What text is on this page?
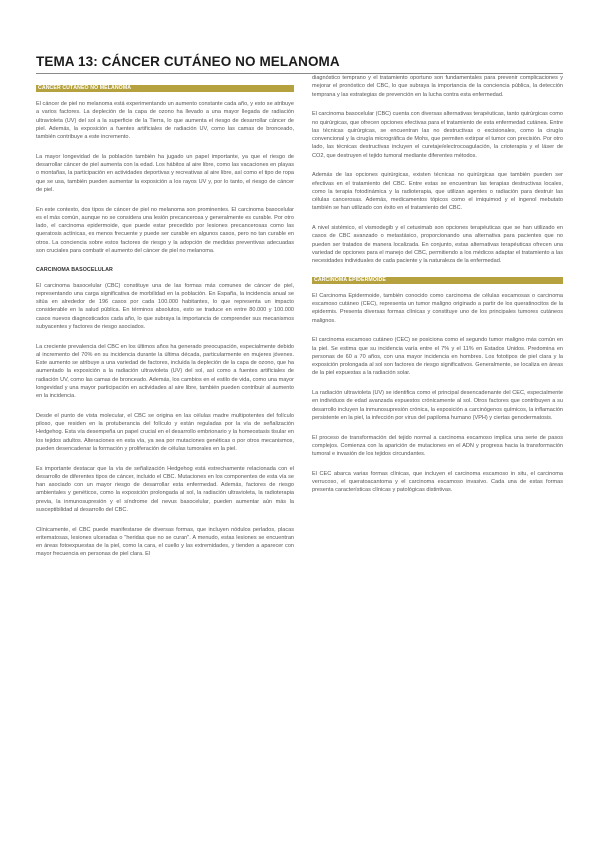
TEMA 13: CÁNCER CUTÁNEO NO MELANOMA
CÁNCER CUTÁNEO NO MELANOMA

El cáncer de piel no melanoma está experimentando un aumento constante cada año, y esto se atribuye a varios factores. La depleción de la capa de ozono ha llevado a una mayor llegada de radiación ultravioleta (UV) del sol a la superficie de la Tierra, lo que aumenta el riesgo de desarrollar cáncer de piel. Además, la exposición a fuentes artificiales de radiación UV, como las camas de bronceado, también contribuye a este incremento.

La mayor longevidad de la población también ha jugado un papel importante, ya que el riesgo de desarrollar cáncer de piel aumenta con la edad. Los hábitos al aire libre, como las vacaciones en playas o montañas, la participación en actividades deportivas y recreativas al aire libre, así como el tipo de ropa que se usa, también pueden aumentar la exposición a los rayos UV y, por lo tanto, el riesgo de cáncer de piel.

En este contexto, dos tipos de cáncer de piel no melanoma son prominentes. El carcinoma basocelular es el más común, aunque no se considera una lesión precancerosa y generalmente es curable. Por otro lado, el carcinoma epidermoide, que puede estar precedido por lesiones precancerosas como las queratosis actínicas, es menos frecuente y puede ser curable en algunos casos, pero no tan curable en otros. La conciencia sobre estos factores de riesgo y la adopción de medidas preventivas adecuadas son cruciales para combatir el aumento del cáncer de piel no melanoma.

CARCINOMA BASOCELULAR

El carcinoma basocelular (CBC) constituye una de las formas más comunes de cáncer de piel, representando una carga significativa de morbilidad en la población. En España, la incidencia anual se sitúa en alrededor de 196 casos por cada 100.000 habitantes, lo que representa un impacto considerable en la salud pública. En términos absolutos, esto se traduce en entre 80.000 y 100.000 casos nuevos diagnosticados cada año, lo que subraya la importancia de comprender sus mecanismos subyacentes y factores de riesgo asociados.

La creciente prevalencia del CBC en los últimos años ha generado preocupación, especialmente debido al incremento del 70% en su incidencia durante la última década, particularmente en mujeres jóvenes. Este aumento se atribuye a una variedad de factores, incluida la depleción de la capa de ozono, que ha aumentado la exposición a la radiación ultravioleta (UV) del sol, así como a fuentes artificiales de radiación UV, como las camas de bronceado. Además, los cambios en el estilo de vida, como una mayor longevidad y una mayor participación en actividades al aire libre, también pueden contribuir al aumento en la incidencia.

Desde el punto de vista molecular, el CBC se origina en las células madre multipotentes del folículo piloso, que residen en la protuberancia del folículo y están reguladas por la vía de señalización Hedgehog. Esta vía desempeña un papel crucial en el desarrollo embrionario y la homeostasis tisular en los tejidos adultos. Alteraciones en esta vía, ya sea por mutaciones genéticas o por otros mecanismos, pueden desencadenar la formación y proliferación de células tumorales en la piel.

Es importante destacar que la vía de señalización Hedgehog está estrechamente relacionada con el desarrollo de diferentes tipos de cáncer, incluido el CBC. Mutaciones en los componentes de esta vía se han asociado con un mayor riesgo de desarrollar esta enfermedad. Además, factores de riesgo ambientales y genéticos, como la exposición prolongada al sol, la radiación ultravioleta, la radioterapia previa, la inmunosupresión y el síndrome del nevus basocelular, pueden aumentar aún más la susceptibilidad al desarrollo del CBC.

Clínicamente, el CBC puede manifestarse de diversas formas, que incluyen nódulos perlados, placas eritematosas, lesiones ulceradas o "heridas que no se curan". A menudo, estas lesiones se encuentran en áreas fotoexpuestas de la piel, como la cara, el cuello y las extremidades, y tienden a aparecer con mayor frecuencia en personas de piel clara. El

diagnóstico temprano y el tratamiento oportuno son fundamentales para prevenir complicaciones y mejorar el pronóstico del CBC, lo que subraya la importancia de la conciencia pública, la detección temprana y las estrategias de prevención en la lucha contra esta enfermedad.

El carcinoma basocelular (CBC) cuenta con diversas alternativas terapéuticas, tanto quirúrgicas como no quirúrgicas, que ofrecen opciones efectivas para el tratamiento de esta enfermedad cutánea. Entre las técnicas quirúrgicas, se encuentran las no destructivas o excisionales, como la cirugía convencional y la cirugía micrográfica de Mohs, que permiten extirpar el tumor con precisión. Por otro lado, las técnicas destructivas incluyen el curetaje/electrocoagulación, la crioterapia y el láser de CO2, que destruyen el tejido tumoral mediante diferentes métodos.

Además de las opciones quirúrgicas, existen técnicas no quirúrgicas que también pueden ser efectivas en el tratamiento del CBC. Entre estas se encuentran las terapias destructivas locales, como la terapia fotodinámica y la radioterapia, que utilizan agentes o radiación para destruir las células cancerosas. Además, medicamentos tópicos como el imiquimod y el ingenol mebutato también se han utilizado con éxito en el tratamiento del CBC.

A nivel sistémico, el vismodegib y el cetuximab son opciones terapéuticas que se han utilizado en casos de CBC avanzado o metastásico, proporcionando una alternativa para pacientes que no pueden ser tratados de manera localizada. En conjunto, estas alternativas terapéuticas ofrecen una variedad de opciones para el manejo del CBC, permitiendo a los médicos adaptar el tratamiento a las necesidades individuales de cada paciente y la naturaleza de la enfermedad.

CARCINOMA EPIDERMOIDE

El Carcinoma Epidermoide, también conocido como carcinoma de células escamosas o carcinoma escamoso cutáneo (CEC), representa un tumor maligno originado a partir de los queratinocitos de la epidermis. Presenta diversas formas clínicas y constituye uno de los principales tumores cutáneos malignos.

El carcinoma escamoso cutáneo (CEC) se posiciona como el segundo tumor maligno más común en la piel. Se estima que su incidencia varía entre el 7% y el 11% en Estados Unidos. Predomina en personas de 60 a 70 años, con una mayor incidencia en hombres. Los fototipos de piel clara y la exposición prolongada al sol son factores de riesgo significativos. Generalmente, se localiza en áreas de la piel expuestas a la radiación solar.

La radiación ultravioleta (UV) se identifica como el principal desencadenante del CEC, especialmente en individuos de edad avanzada expuestos crónicamente al sol. Otros factores que contribuyen a su desarrollo incluyen la inmunosupresión crónica, la exposición a carcinógenos químicos, la inflamación persistente en la piel, la infección por virus del papiloma humano (VPH) y ciertas genodermatosis.

El proceso de transformación del tejido normal a carcinoma escamoso implica una serie de pasos complejos. Comienza con la aparición de mutaciones en el ADN y progresa hacia la transformación tumoral e invasión de los tejidos circundantes.

El CEC abarca varias formas clínicas, que incluyen el carcinoma escamoso in situ, el carcinoma verrucoso, el queratoacantoma y el carcinoma escamoso invasivo. Cada una de estas formas presenta características clínicas y patológicas distintivas.
